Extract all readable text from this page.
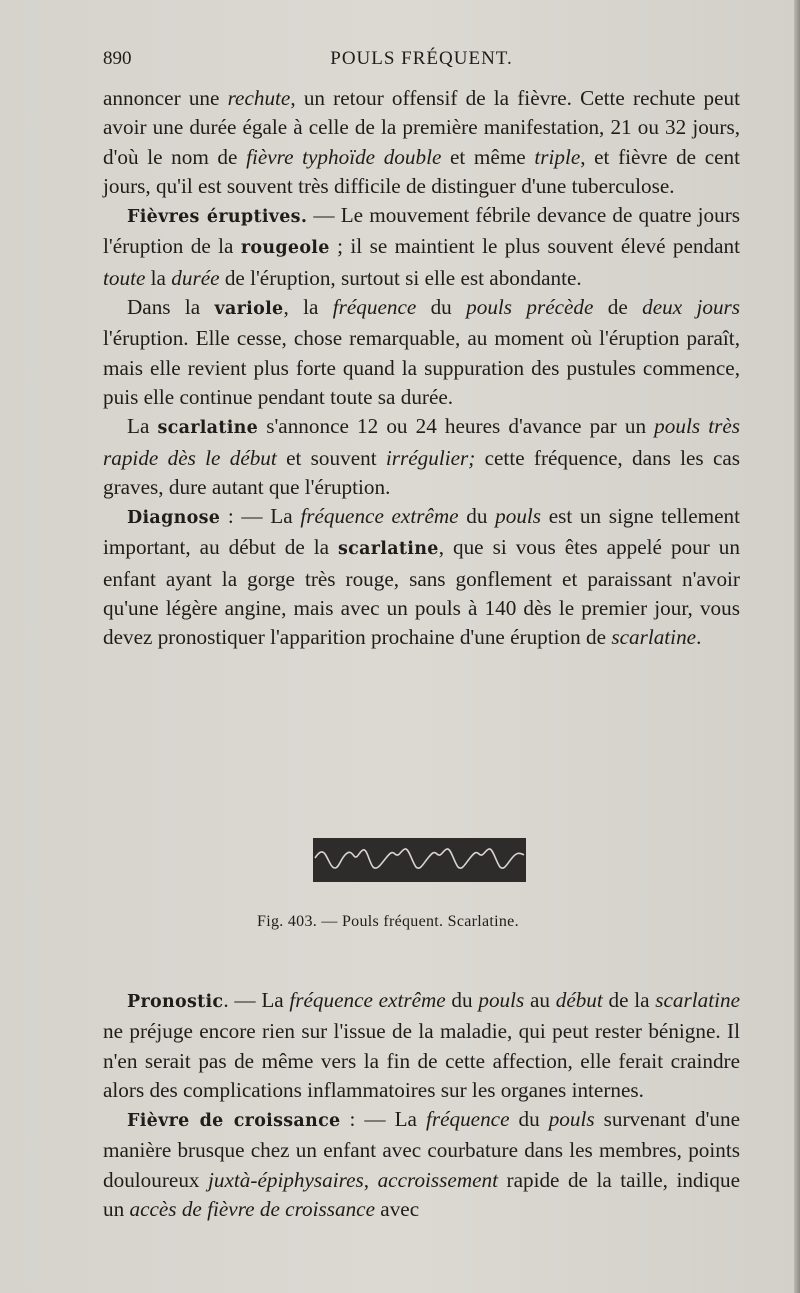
890	POULS FRÉQUENT.

annoncer une rechute, un retour offensif de la fièvre. Cette rechute peut avoir une durée égale à celle de la première manifestation, 21 ou 32 jours, d'où le nom de fièvre typhoïde double et même triple, et fièvre de cent jours, qu'il est souvent très difficile de distinguer d'une tuberculose.

Fièvres éruptives. — Le mouvement fébrile devance de quatre jours l'éruption de la rougeole ; il se maintient le plus souvent élevé pendant toute la durée de l'éruption, surtout si elle est abondante.

Dans la variole, la fréquence du pouls précède de deux jours l'éruption. Elle cesse, chose remarquable, au moment où l'éruption paraît, mais elle revient plus forte quand la suppuration des pustules commence, puis elle continue pendant toute sa durée.

La scarlatine s'annonce 12 ou 24 heures d'avance par un pouls très rapide dès le début et souvent irrégulier; cette fréquence, dans les cas graves, dure autant que l'éruption.

Diagnose : — La fréquence extrême du pouls est un signe tellement important, au début de la scarlatine, que si vous êtes appelé pour un enfant ayant la gorge très rouge, sans gonflement et paraissant n'avoir qu'une légère angine, mais avec un pouls à 140 dès le premier jour, vous devez pronostiquer l'apparition prochaine d'une éruption de scarlatine.

Fig. 403. — Pouls fréquent. Scarlatine.

Pronostic. — La fréquence extrême du pouls au début de la scarlatine ne préjuge encore rien sur l'issue de la maladie, qui peut rester bénigne. Il n'en serait pas de même vers la fin de cette affection, elle ferait craindre alors des complications inflammatoires sur les organes internes.

Fièvre de croissance : — La fréquence du pouls survenant d'une manière brusque chez un enfant avec courbature dans les membres, points douloureux juxtà-épiphysaires, accroissement rapide de la taille, indique un accès de fièvre de croissance avec
